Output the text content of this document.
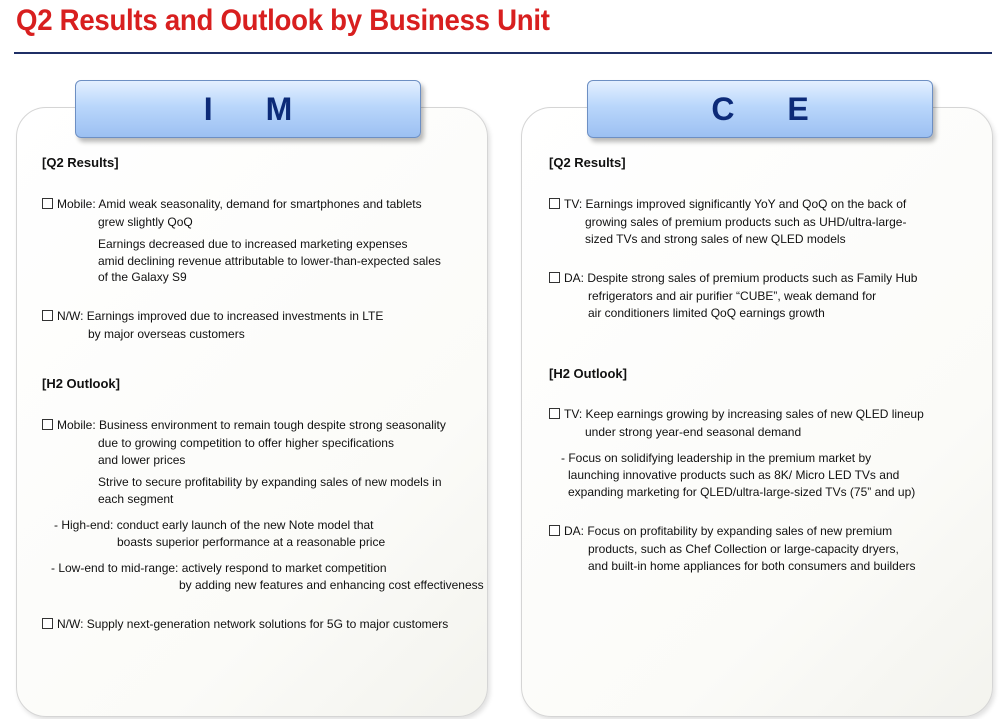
Q2 Results and Outlook by Business Unit
I M
[Q2 Results]
Mobile: Amid weak seasonality, demand for smartphones and tablets
grew slightly QoQ
Earnings decreased due to increased marketing expenses
amid declining revenue attributable to lower-than-expected sales
of the Galaxy S9
N/W: Earnings improved due to increased investments in LTE
by major overseas customers
[H2 Outlook]
Mobile: Business environment to remain tough despite strong seasonality
due to growing competition to offer higher specifications
and lower prices
Strive to secure profitability by expanding sales of new models in
each segment
- High-end: conduct early launch of the new Note model that
boasts superior performance at a reasonable price
- Low-end to mid-range: actively respond to market competition
by adding new features and enhancing cost effectiveness
N/W: Supply next-generation network solutions for 5G to major customers
C E
[Q2 Results]
TV: Earnings improved significantly YoY and QoQ on the back of
growing sales of premium products such as UHD/ultra-large-
sized TVs and strong sales of new QLED models
DA: Despite strong sales of premium products such as Family Hub
refrigerators and air purifier “CUBE”, weak demand for
air conditioners limited QoQ earnings growth
[H2 Outlook]
TV: Keep earnings growing by increasing sales of new QLED lineup
under strong year-end seasonal demand
- Focus on solidifying leadership in the premium market by
launching innovative products such as 8K/ Micro LED TVs and
expanding marketing for QLED/ultra-large-sized TVs (75” and up)
DA: Focus on profitability by expanding sales of new premium
products, such as Chef Collection or large-capacity dryers,
and built-in home appliances for both consumers and builders
